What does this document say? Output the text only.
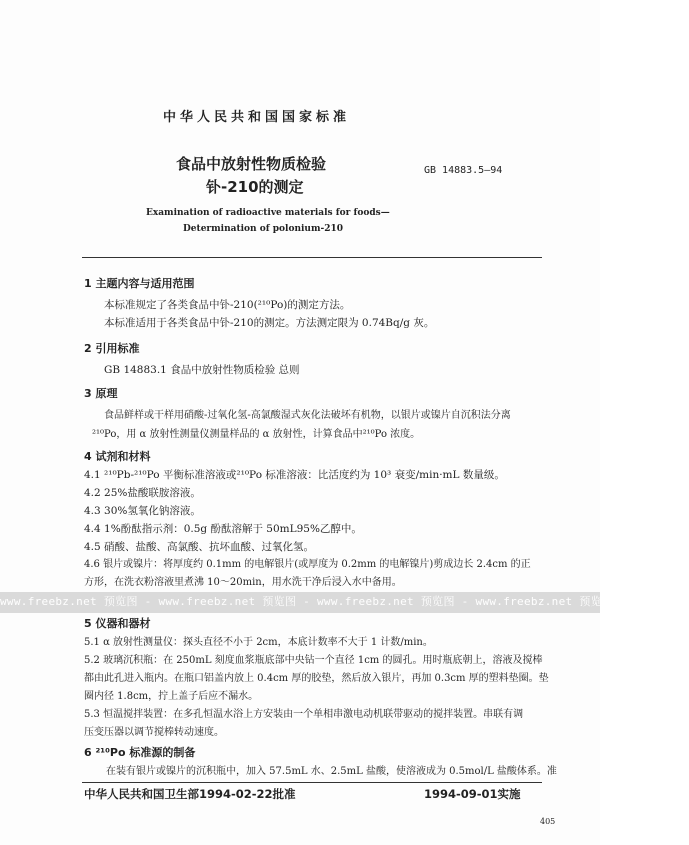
中华人民共和国国家标准
食品中放射性物质检验
钋-210的测定
GB 14883.5—94
Examination of radioactive materials for foods—
Determination of polonium-210
1 主题内容与适用范围
本标准规定了各类食品中钋-210(²¹⁰Po)的测定方法。
本标准适用于各类食品中钋-210的测定。方法测定限为 0.74Bq/g 灰。
2 引用标准
GB 14883.1 食品中放射性物质检验 总则
3 原理
食品鲜样或干样用硝酸-过氧化氢-高氯酸湿式灰化法破坏有机物，以银片或镍片自沉积法分离
²¹⁰Po，用 α 放射性测量仪测量样品的 α 放射性，计算食品中²¹⁰Po 浓度。
4 试剂和材料
4.1 ²¹⁰Pb-²¹⁰Po 平衡标准溶液或²¹⁰Po 标准溶液：比活度约为 10³ 衰变/min·mL 数量级。
4.2 25%盐酸联胺溶液。
4.3 30%氢氧化钠溶液。
4.4 1%酚酞指示剂：0.5g 酚酞溶解于 50mL95%乙醇中。
4.5 硝酸、盐酸、高氯酸、抗坏血酸、过氧化氢。
4.6 银片或镍片：将厚度约 0.1mm 的电解银片(或厚度为 0.2mm 的电解镍片)剪成边长 2.4cm 的正
方形，在洗衣粉溶液里煮沸 10～20min，用水洗干净后浸入水中备用。
www.freebz.net 预览图 - www.freebz.net 预览图 - www.freebz.net 预览图 - www.freebz.net 预览图 - www.free
5 仪器和器材
5.1 α 放射性测量仪：探头直径不小于 2cm，本底计数率不大于 1 计数/min。
5.2 玻璃沉积瓶：在 250mL 刻度血浆瓶底部中央钻一个直径 1cm 的圆孔。用时瓶底朝上，溶液及搅棒
都由此孔进入瓶内。在瓶口铝盖内放上 0.4cm 厚的胶垫，然后放入银片，再加 0.3cm 厚的塑料垫圈。垫
圈内径 1.8cm，拧上盖子后应不漏水。
5.3 恒温搅拌装置：在多孔恒温水浴上方安装由一个单相串激电动机联带驱动的搅拌装置。串联有调
压变压器以调节搅棒转动速度。
6 ²¹⁰Po 标准源的制备
在装有银片或镍片的沉积瓶中，加入 57.5mL 水、2.5mL 盐酸，使溶液成为 0.5mol/L 盐酸体系。准
中华人民共和国卫生部1994-02-22批准	1994-09-01实施
405
